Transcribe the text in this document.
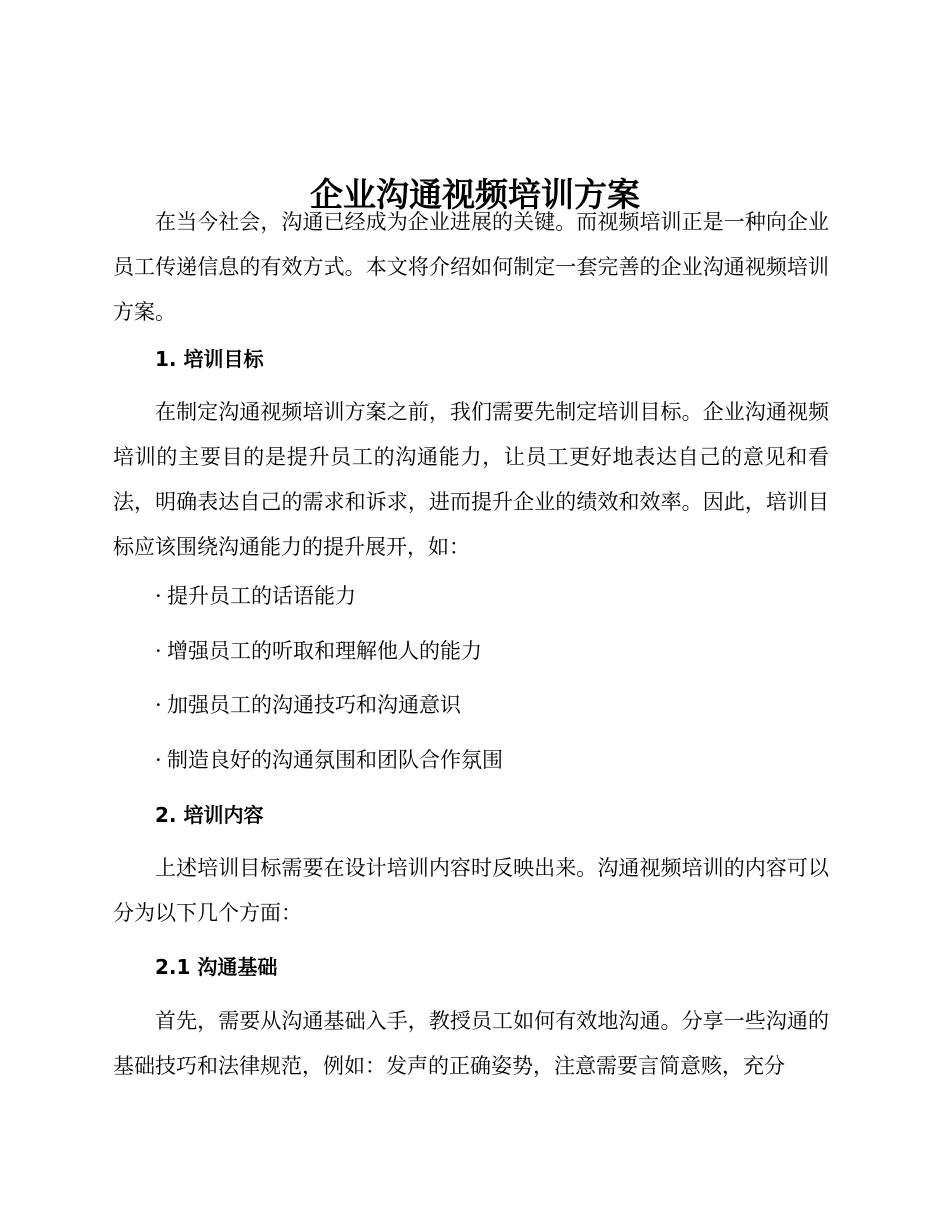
企业沟通视频培训方案

在当今社会，沟通已经成为企业进展的关键。而视频培训正是一种向企业员工传递信息的有效方式。本文将介绍如何制定一套完善的企业沟通视频培训方案。

1. 培训目标

在制定沟通视频培训方案之前，我们需要先制定培训目标。企业沟通视频培训的主要目的是提升员工的沟通能力，让员工更好地表达自己的意见和看法，明确表达自己的需求和诉求，进而提升企业的绩效和效率。因此，培训目标应该围绕沟通能力的提升展开，如：

· 提升员工的话语能力
· 增强员工的听取和理解他人的能力
· 加强员工的沟通技巧和沟通意识
· 制造良好的沟通氛围和团队合作氛围
2. 培训内容

上述培训目标需要在设计培训内容时反映出来。沟通视频培训的内容可以分为以下几个方面：

2.1 沟通基础

首先，需要从沟通基础入手，教授员工如何有效地沟通。分享一些沟通的基础技巧和法律规范，例如：发声的正确姿势，注意需要言简意赅，充分
